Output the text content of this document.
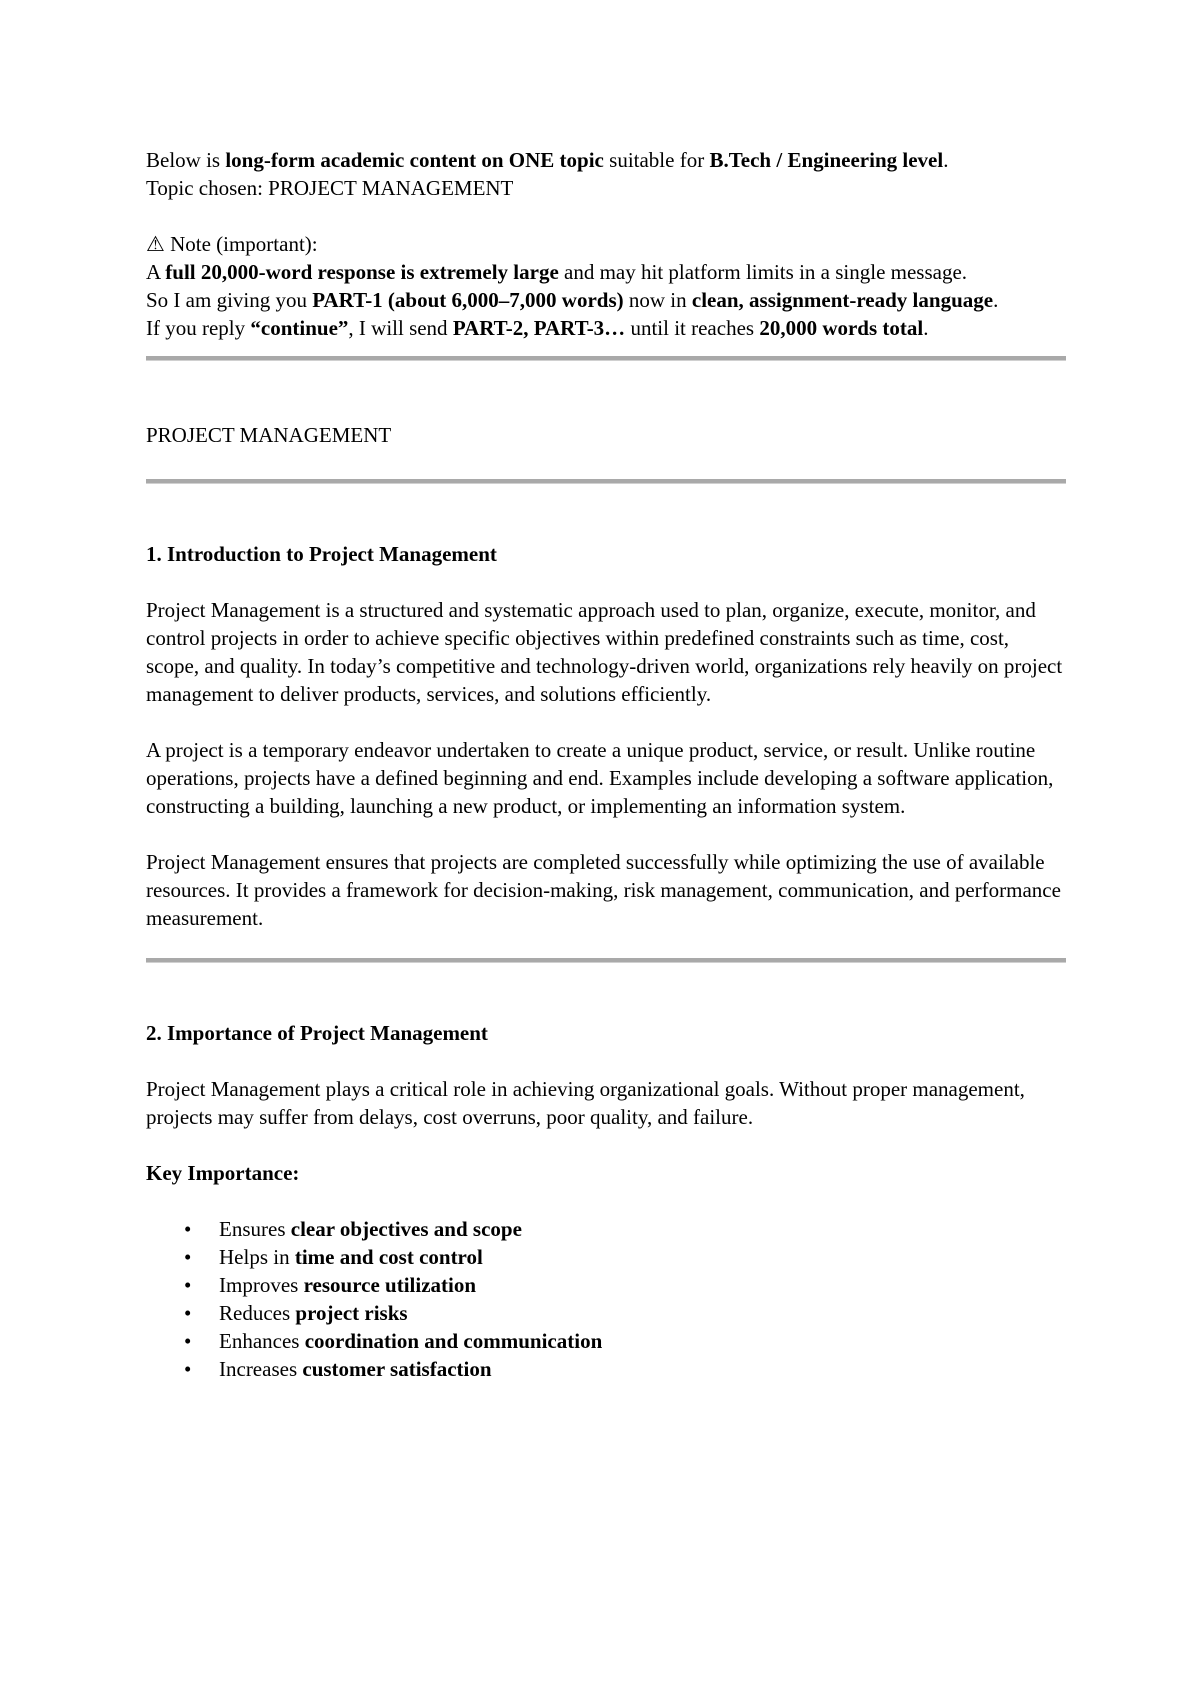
Below is long-form academic content on ONE topic suitable for B.Tech / Engineering level.

Topic chosen: PROJECT MANAGEMENT

⚠ Note (important):

A full 20,000-word response is extremely large and may hit platform limits in a single message.

So I am giving you PART-1 (about 6,000–7,000 words) now in clean, assignment-ready language.

If you reply “continue”, I will send PART-2, PART-3… until it reaches 20,000 words total.

PROJECT MANAGEMENT

1. Introduction to Project Management

Project Management is a structured and systematic approach used to plan, organize, execute, monitor, and control projects in order to achieve specific objectives within predefined constraints such as time, cost, scope, and quality. In today’s competitive and technology-driven world, organizations rely heavily on project management to deliver products, services, and solutions efficiently.

A project is a temporary endeavor undertaken to create a unique product, service, or result. Unlike routine operations, projects have a defined beginning and end. Examples include developing a software application, constructing a building, launching a new product, or implementing an information system.

Project Management ensures that projects are completed successfully while optimizing the use of available resources. It provides a framework for decision-making, risk management, communication, and performance measurement.

2. Importance of Project Management

Project Management plays a critical role in achieving organizational goals. Without proper management, projects may suffer from delays, cost overruns, poor quality, and failure.

Key Importance:

• Ensures clear objectives and scope
• Helps in time and cost control
• Improves resource utilization
• Reduces project risks
• Enhances coordination and communication
• Increases customer satisfaction
